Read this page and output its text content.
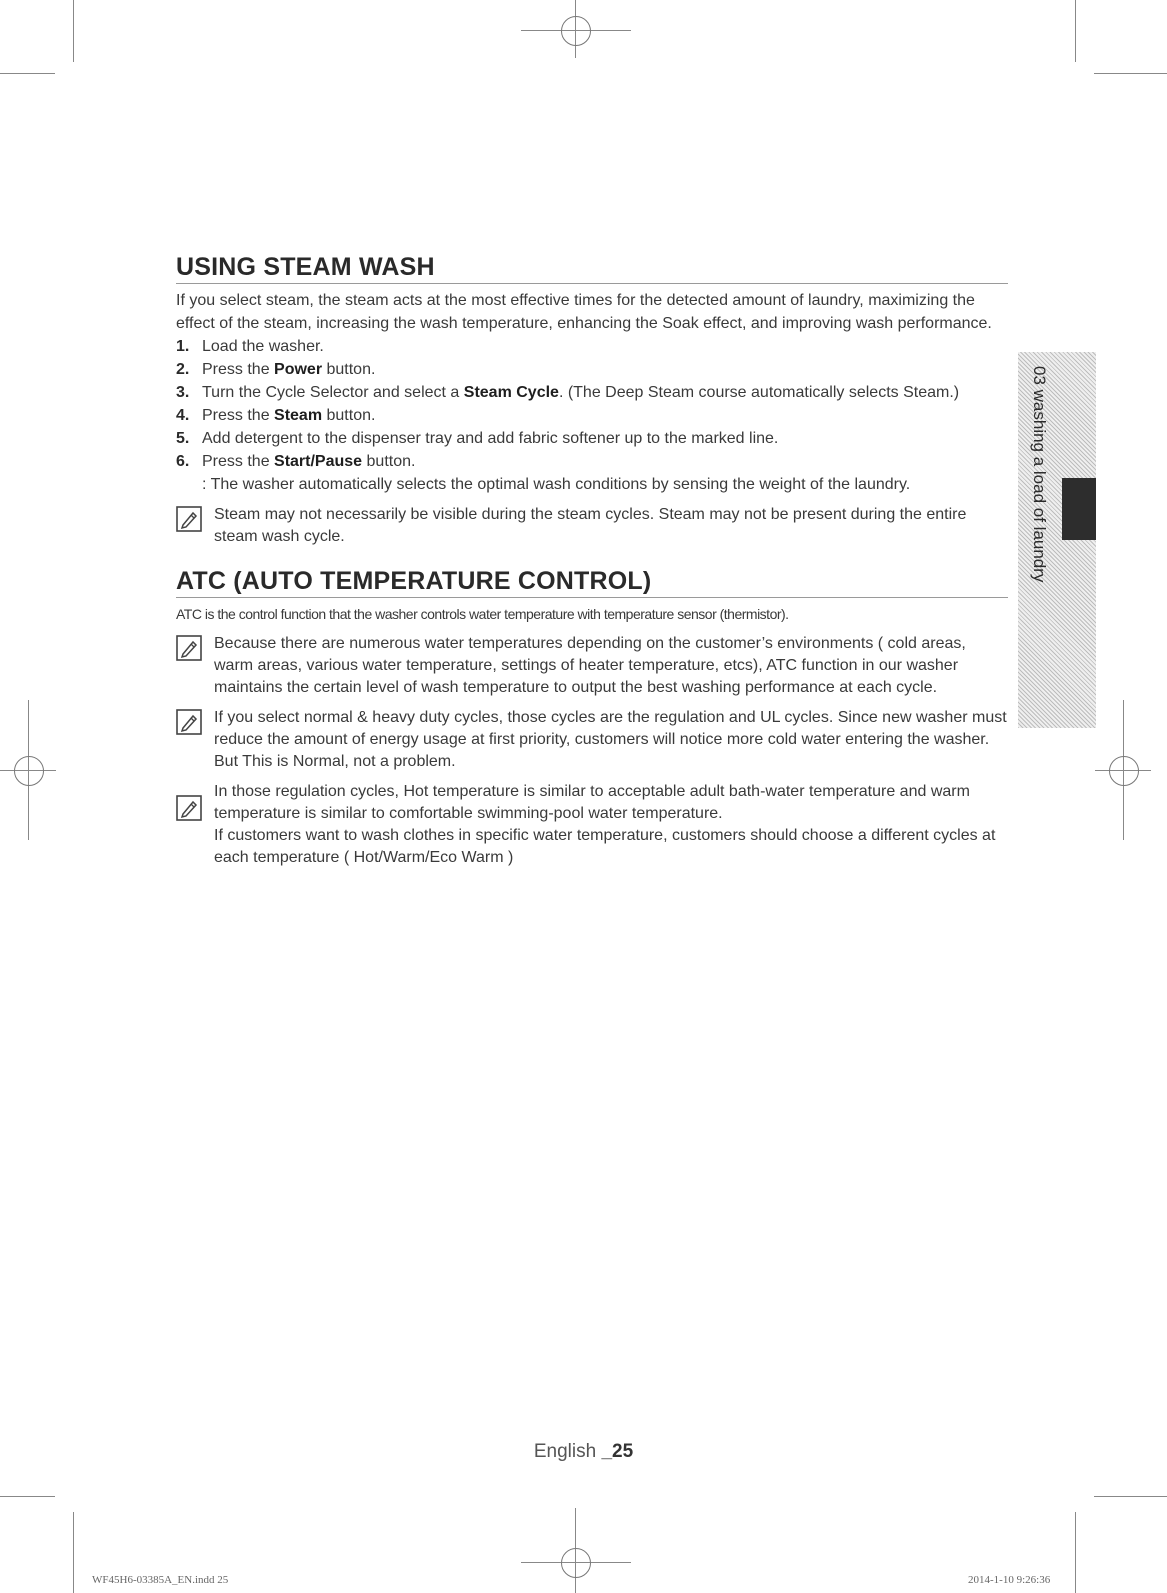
03 washing a load of laundry
USING STEAM WASH

If you select steam, the steam acts at the most effective times for the detected amount of laundry, maximizing the effect of the steam, increasing the wash temperature, enhancing the Soak effect, and improving wash performance.

1. Load the washer.
2. Press the Power button.
3. Turn the Cycle Selector and select a Steam Cycle. (The Deep Steam course automatically selects Steam.)
4. Press the Steam button.
5. Add detergent to the dispenser tray and add fabric softener up to the marked line.
6. Press the Start/Pause button.
: The washer automatically selects the optimal wash conditions by sensing the weight of the laundry.
Steam may not necessarily be visible during the steam cycles. Steam may not be present during the entire steam wash cycle.
ATC (AUTO TEMPERATURE CONTROL)

ATC is the control function that the washer controls water temperature with temperature sensor (thermistor).

Because there are numerous water temperatures depending on the customer’s environments ( cold areas, warm areas, various water temperature, settings of heater temperature, etcs), ATC function in our washer maintains the certain level of wash temperature to output the best washing performance at each cycle.
If you select normal & heavy duty cycles, those cycles are the regulation and UL cycles. Since new washer must reduce the amount of energy usage at first priority, customers will notice more cold water entering the washer. But This is Normal, not a problem.
In those regulation cycles, Hot temperature is similar to acceptable adult bath-water temperature and warm temperature is similar to comfortable swimming-pool water temperature.
If customers want to wash clothes in specific water temperature, customers should choose a different cycles at each temperature ( Hot/Warm/Eco Warm )
English _25
WF45H6-03385A_EN.indd 25	2014-1-10 9:26:36
